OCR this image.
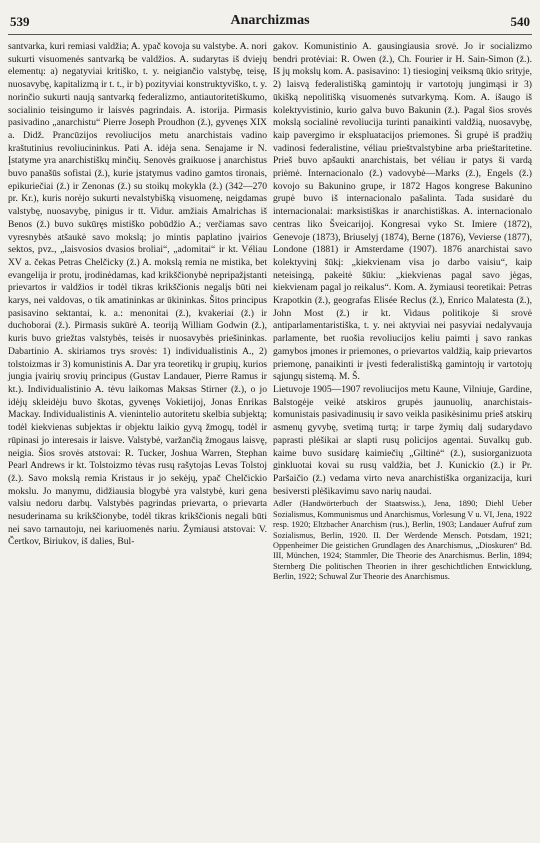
539	Anarchizmas	540

santvarka, kuri remiasi valdžia; A. ypač kovoja su valstybe. A. nori sukurti visuomenės santvarką be valdžios. A. sudarytas iš dviejų elementų: a) negatyviai kritiško, t. y. neigiančio valstybę, teisę, nuosavybę, kapitalizmą ir t. t., ir b) pozityviai konstruktyviško, t. y. norinčio sukurti naują santvarką federalizmo, antiautoritetiškumo, socialinio teisingumo ir laisvės pagrindais. A. istorija. Pirmasis pasivadino „anarchistu“ Pierre Joseph Proudhon (ž.), gyvenęs XIX a. Didž. Prancūzijos revoliucijos metu anarchistais vadino kraštutinius revoliucininkus. Pati A. idėja sena. Senajame ir N. Įstatyme yra anarchistiškų minčių. Senovės graikuose į anarchistus buvo panašūs sofistai (ž.), kurie įstatymus vadino gamtos tironais, epikuriečiai (ž.) ir Zenonas (ž.) su stoikų mokykla (ž.) (342—270 pr. Kr.), kuris norėjo sukurti nevalstybišką visuomenę, neigdamas valstybę, nuosavybę, pinigus ir tt. Vidur. amžiais Amalrichas iš Benos (ž.) buvo sukūręs mistiško pobūdžio A.; verčiamas savo vyresnybės atšaukė savo mokslą; jo mintis paplatino įvairios sektos, pvz., „laisvosios dvasios broliai“, „adomitai“ ir kt. Véliau XV a. čekas Petras Chelčicky (ž.) A. mokslą remia ne mistika, bet evangelija ir protu, įrodinėdamas, kad krikščionybė nepripažįstanti prievartos ir valdžios ir todėl tikras krikščionis negalįs būti nei karys, nei valdovas, o tik amatininkas ar ūkininkas. Šitos principus pasisavino sektantai, k. a.: menonitai (ž.), kvakeriai (ž.) ir duchoborai (ž.). Pirmasis sukūrė A. teoriją William Godwin (ž.), kuris buvo griežtas valstybės, teisės ir nuosavybės priešininkas. Dabartinio A. skiriamos trys srovės: 1) individualistinis A., 2) tolstoizmas ir 3) komunistinis A. Dar yra teoretikų ir grupių, kurios jungia įvairių srovių principus (Gustav Landauer, Pierre Ramus ir kt.). Individualistinio A. tėvu laikomas Maksas Stirner (ž.), o jo idėjų skleidėju buvo škotas, gyvenęs Vokietijoj, Jonas Enrikas Mackay. Individualistinis A. vienintelio autoritetu skelbia subjektą; todėl kiekvienas subjektas ir objektu laikio gyvą žmogų, todėl ir rūpinasi jo interesais ir laisve. Valstybė, varžančią žmogaus laisvę, neigia. Šios srovės atstovai: R. Tucker, Joshua Warren, Stephan Pearl Andrews ir kt. Tolstoizmo tėvas rusų rašytojas Levas Tolstoj (ž.). Savo mokslą remia Kristaus ir jo sekėjų, ypač Chelčickio mokslu. Jo manymu, didžiausia blogybė yra valstybė, kuri gena valsiu nedoru darbų. Valstybės pagrindas prievarta, o prievarta nesuderinama su krikščionybe, todėl tikras krikščionis negali būti nei savo tarnautoju, nei kariuomenės nariu. Žymiausi atstovai: V. Čertkov, Biriukov, iš dalies, Bul-

gakov. Komunistinio A. gausingiausia srovė. Jo ir socializmo bendri protėviai: R. Owen (ž.), Ch. Fourier ir H. Sain-Simon (ž.). Iš jų mokslų kom. A. pasisavino: 1) tiesioginį veiksmą ūkio srityje, 2) laisvą federalistišką gamintojų ir vartotojų jungimąsi ir 3) ūkišką nepolitišką visuomenės sutvarkymą. Kom. A. išaugo iš kolektyvistinio, kurio galva buvo Bakunin (ž.). Pagal šios srovės mokslą socialinė revoliucija turinti panaikinti valdžią, nuosavybę, kaip pavergimo ir ekspluatacijos priemones. Ši grupė iš pradžių vadinosi federalistine, véliau prieštvalstybine arba prieštaritetine. Prieš buvo apšaukti anarchistais, bet véliau ir patys ši vardą priėmė. Internacionalo (ž.) vadovybė—Marks (ž.), Engels (ž.) kovojo su Bakunino grupe, ir 1872 Hagos kongrese Bakunino grupė buvo iš internacionalo pašalinta. Tada susidarė du internacionalai: marksistiškas ir anarchistiškas. A. internacionalo centras liko Šveicarijoj. Kongresai vyko St. Imiere (1872), Genevoje (1873), Briuselyj (1874), Berne (1876), Vevierse (1877), Londone (1881) ir Amsterdame (1907). 1876 anarchistai savo kolektyvinį šūkį: „kiekvienam visa jo darbo vaisiu“, kaip neteisingą, pakeitė šūkiu: „kiekvienas pagal savo jėgas, kiekvienam pagal jo reikalus“. Kom. A. žymiausi teoretikai: Petras Krapotkin (ž.), geografas Elisée Reclus (ž.), Enrico Malatesta (ž.), John Most (ž.) ir kt. Vidaus politikoje ši srovė antiparlamentaristiška, t. y. nei aktyviai nei pasyviai nedalyvauja parlamente, bet ruošia revoliucijos keliu paimti į savo rankas gamybos įmones ir priemones, o prievartos valdžią, kaip prievartos priemonę, panaikinti ir įvesti federalistišką gamintojų ir vartotojų sąjungų sistemą. M. Š.
Lietuvoje 1905—1907 revoliucijos metu Kaune, Vilniuje, Gardine, Balstogėje veikė atskiros grupės jaunuolių, anarchistais-komunistais pasivadinusių ir savo veikla pasikėsinimu prieš atskirų asmenų gyvybę, svetimą turtą; ir tarpe žymių dalį sudarydavo paprasti plėšikai ar slapti rusų policijos agentai. Suvalkų gub. kaime buvo susidarę kaimiečių „Giltinė“ (ž.), susiorganizuota ginkluotai kovai su rusų valdžia, bet J. Kunickio (ž.) ir Pr. Paršaičio (ž.) vedama virto neva anarchistiška organizacija, kuri besiversti plėšikavimu savo narių naudai.

Adler (Handwörterbuch der Staatswiss.), Jena, 1890; Diehl Ueber Sozialismus, Kommunismus und Anarchismus, Vorlesung V u. VI, Jena, 1922 resp. 1920; Eltzbacher Anarchism (rus.), Berlin, 1903; Landauer Aufruf zum Sozialismus, Berlin, 1920. II. Der Werdende Mensch. Potsdam, 1921; Oppenheimer Die geistichen Grundlagen des Anarchismus, „Dioskuren“ Bd. III, München, 1924; Stammler, Die Theorie des Anarchismus. Berlin, 1894; Sternberg Die politischen Theorien in ihrer geschichtlichen Entwicklung, Berlin, 1922; Schuwal Zur Theorie des Anarchismus.
